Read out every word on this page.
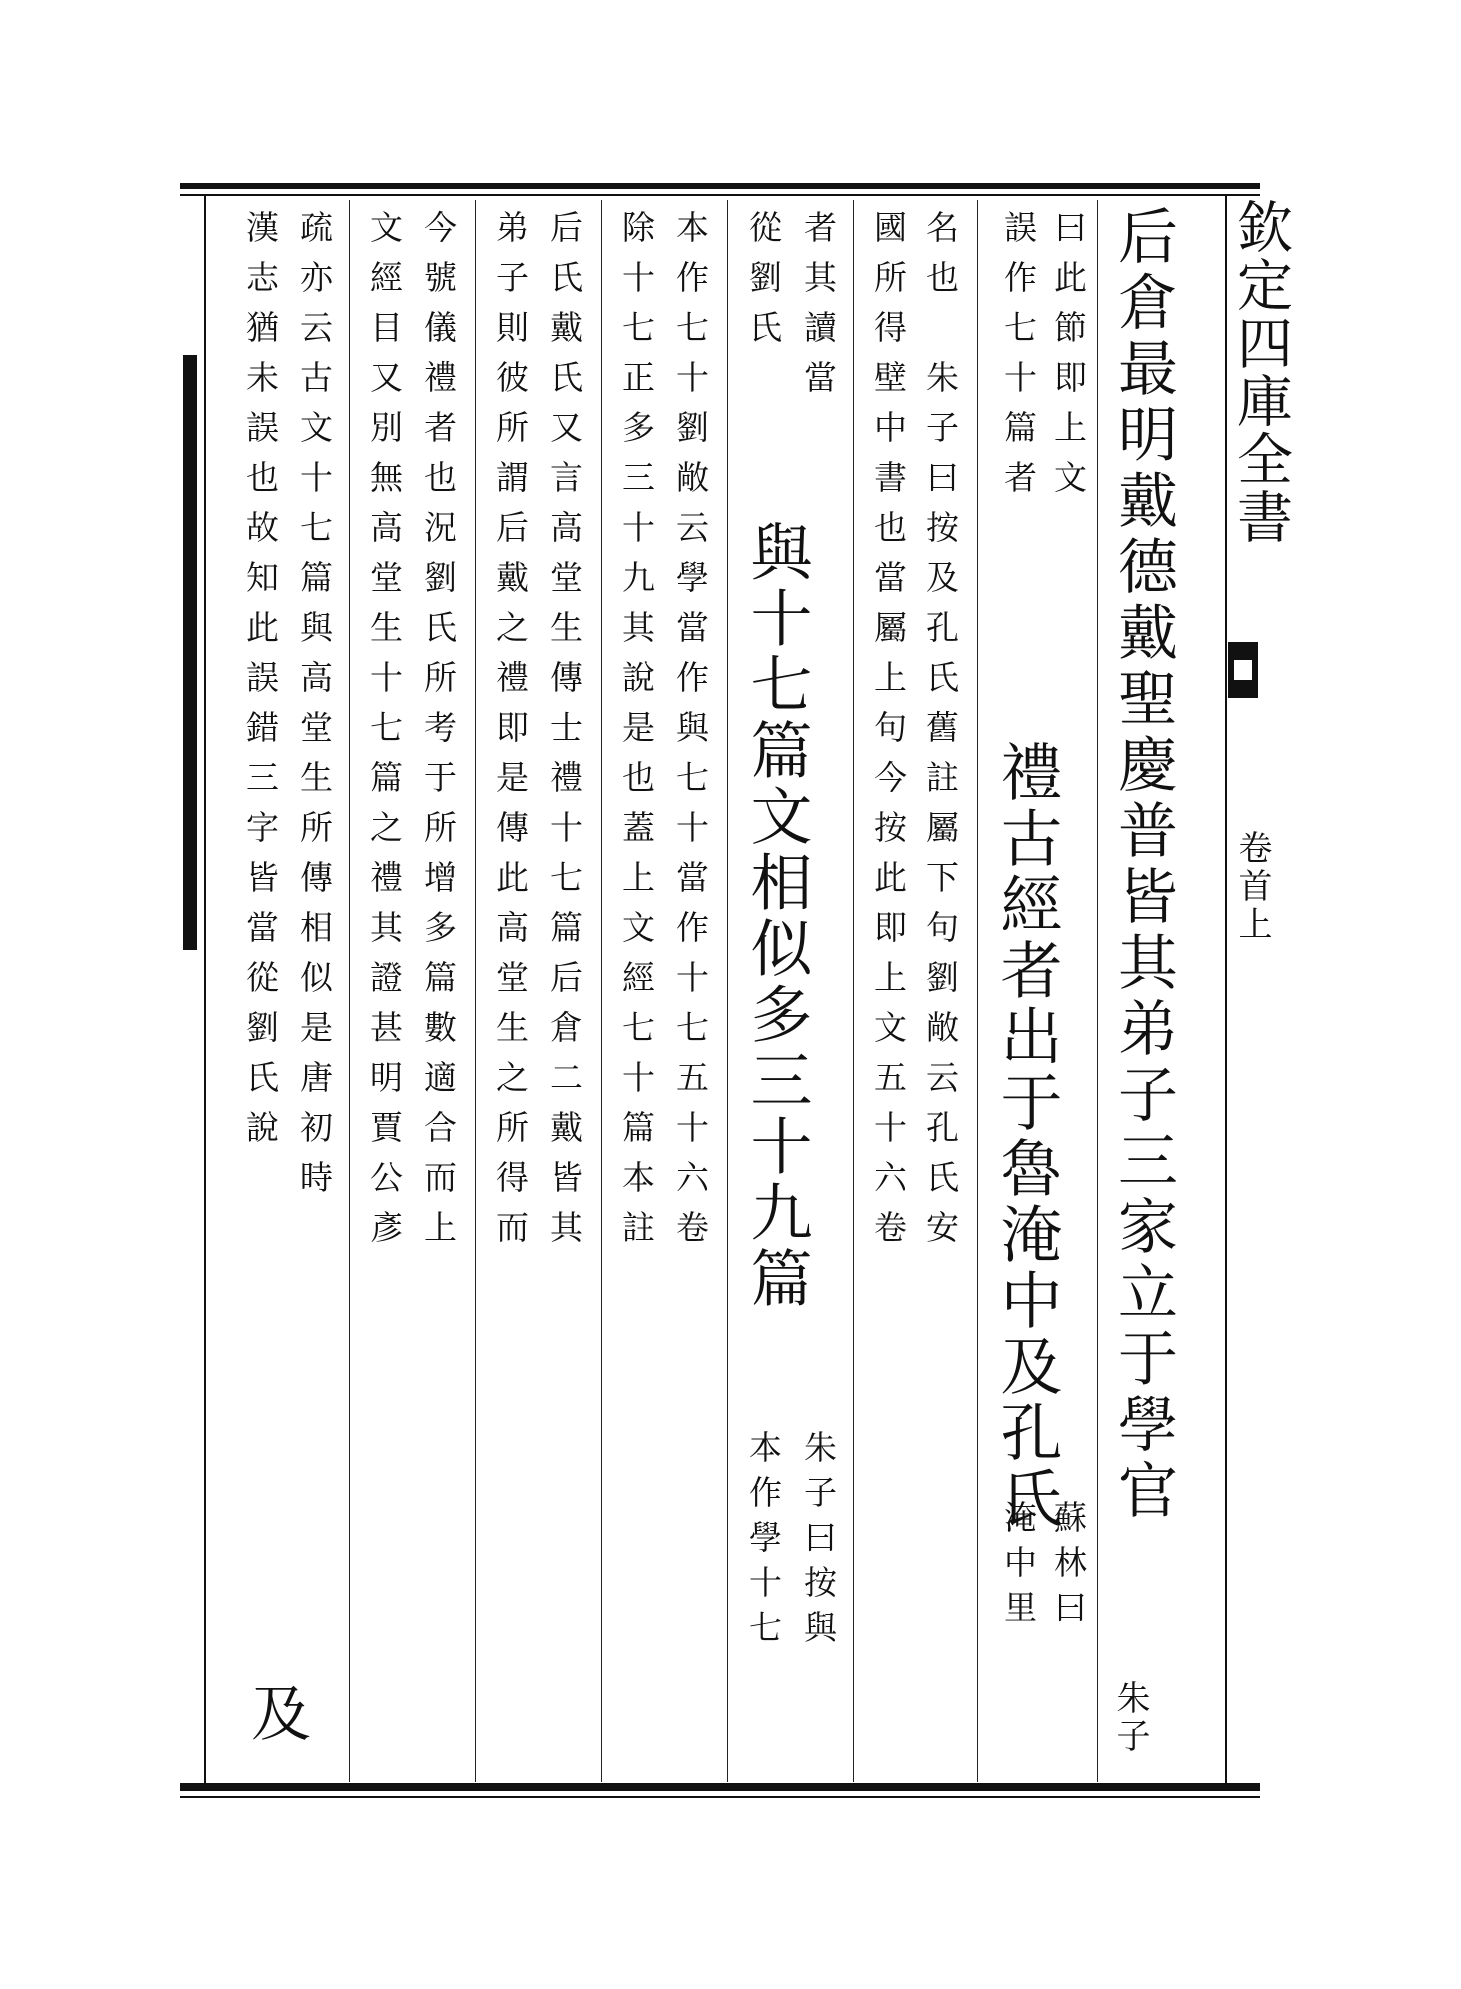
欽定四庫全書
卷首上
后倉最明戴德戴聖慶普皆其弟子三家立于學官
朱子
曰此節即上文
誤作七十篇者
禮古經者出于魯淹中及孔氏
蘇林曰
淹中里
名也　朱子曰按及孔氏舊註屬下句劉敞云孔氏安
國所得壁中書也當屬上句今按此即上文五十六卷
者其讀當
從劉氏
與十七篇文相似多三十九篇
朱子曰按與
本作學十七
本作七十劉敞云學當作與七十當作十七五十六卷
除十七正多三十九其說是也蓋上文經七十篇本註
后氏戴氏又言高堂生傳士禮十七篇后倉二戴皆其
弟子則彼所謂后戴之禮即是傳此高堂生之所得而
今號儀禮者也況劉氏所考于所增多篇數適合而上
文經目又別無高堂生十七篇之禮其證甚明賈公彥
疏亦云古文十七篇與高堂生所傳相似是唐初時
漢志猶未誤也故知此誤錯三字皆當從劉氏說
及
